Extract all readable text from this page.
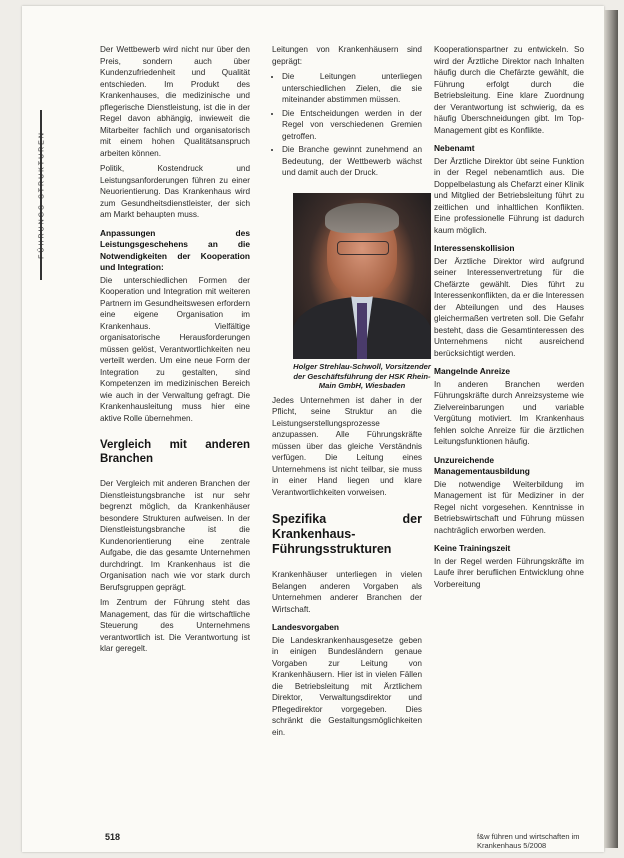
FÜHRUNGS-STRUKTUREN

Der Wettbewerb wird nicht nur über den Preis, sondern auch über Kundenzufriedenheit und Qualität entschieden. Im Produkt des Krankenhauses, die medizinische und pflegerische Dienstleistung, ist die in der Regel davon abhängig, inwieweit die Mitarbeiter fachlich und organisatorisch mit einem hohen Qualitätsanspruch arbeiten können.

Politik, Kostendruck und Leistungsanforderungen führen zu einer Neuorientierung. Das Krankenhaus wird zum Gesundheitsdienstleister, der sich am Markt behaupten muss.

Anpassungen des Leistungsgeschehens an die Notwendigkeiten der Kooperation und Integration:

Die unterschiedlichen Formen der Kooperation und Integration mit weiteren Partnern im Gesundheitswesen erfordern eine eigene Organisation im Krankenhaus. Vielfältige organisatorische Herausforderungen müssen gelöst, Verantwortlichkeiten neu verteilt werden. Um eine neue Form der Integration zu gestalten, sind Kompetenzen im medizinischen Bereich wie auch in der Verwaltung gefragt. Die Krankenhausleitung muss hier eine aktive Rolle übernehmen.

Vergleich mit anderen Branchen

Der Vergleich mit anderen Branchen der Dienstleistungsbranche ist nur sehr begrenzt möglich, da Krankenhäuser besondere Strukturen aufweisen. In der Dienstleistungsbranche ist die Kundenorientierung eine zentrale Aufgabe, die das gesamte Unternehmen durchdringt. Im Krankenhaus ist die Organisation nach wie vor stark durch Berufsgruppen geprägt.

Im Zentrum der Führung steht das Management, das für die wirtschaftliche Steuerung des Unternehmens verantwortlich ist. Die Verantwortung ist klar geregelt.

Leitungen von Krankenhäusern sind geprägt:

• Die Leitungen unterliegen unterschiedlichen Zielen, die sie miteinander abstimmen müssen.
• Die Entscheidungen werden in der Regel von verschiedenen Gremien getroffen.
• Die Branche gewinnt zunehmend an Bedeutung, der Wettbewerb wächst und damit auch der Druck.

Jedes Unternehmen ist daher in der Pflicht, seine Struktur an die Leistungserstellungsprozesse anzupassen. Alle Führungskräfte müssen über das gleiche Verständnis verfügen. Die Leitung eines Unternehmens ist nicht teilbar, sie muss in einer Hand liegen und klare Verantwortlichkeiten vorweisen.

Spezifika der Krankenhaus-Führungsstrukturen

Krankenhäuser unterliegen in vielen Belangen anderen Vorgaben als Unternehmen anderer Branchen der Wirtschaft.

Landesvorgaben

Die Landeskrankenhausgesetze geben in einigen Bundesländern genaue Vorgaben zur Leitung von Krankenhäusern. Hier ist in vielen Fällen die Betriebsleitung mit Ärztlichem Direktor, Verwaltungsdirektor und Pflegedirektor vorgegeben. Dies schränkt die Gestaltungsmöglichkeiten ein.

Kooperationspartner zu entwickeln. So wird der Ärztliche Direktor nach Inhalten häufig durch die Chefärzte gewählt, die Führung erfolgt durch die Betriebsleitung. Eine klare Zuordnung der Verantwortung ist schwierig, da es häufig Überschneidungen gibt. Im Top-Management gibt es Konflikte.

Nebenamt

Der Ärztliche Direktor übt seine Funktion in der Regel nebenamtlich aus. Die Doppelbelastung als Chefarzt einer Klinik und Mitglied der Betriebsleitung führt zu zeitlichen und inhaltlichen Konflikten. Eine professionelle Führung ist dadurch kaum möglich.

Interessenskollision

Der Ärztliche Direktor wird aufgrund seiner Interessenvertretung für die Chefärzte gewählt. Dies führt zu Interessenkonflikten, da er die Interessen der Abteilungen und des Hauses gleichermaßen vertreten soll. Die Gefahr besteht, dass die Gesamtinteressen des Unternehmens nicht ausreichend berücksichtigt werden.

Mangelnde Anreize

In anderen Branchen werden Führungskräfte durch Anreizsysteme wie Zielvereinbarungen und variable Vergütung motiviert. Im Krankenhaus fehlen solche Anreize für die ärztlichen Leitungsfunktionen häufig.

Unzureichende Managementausbildung

Die notwendige Weiterbildung im Management ist für Mediziner in der Regel nicht vorgesehen. Kenntnisse in Betriebswirtschaft und Führung müssen nachträglich erworben werden.

Keine Trainingszeit

In der Regel werden Führungskräfte im Laufe ihrer beruflichen Entwicklung ohne Vorbereitung

Holger Strehlau-Schwoll, Vorsitzender der Geschäftsführung der HSK Rhein-Main GmbH, Wiesbaden
518	f&w führen und wirtschaften im Krankenhaus 5/2008
